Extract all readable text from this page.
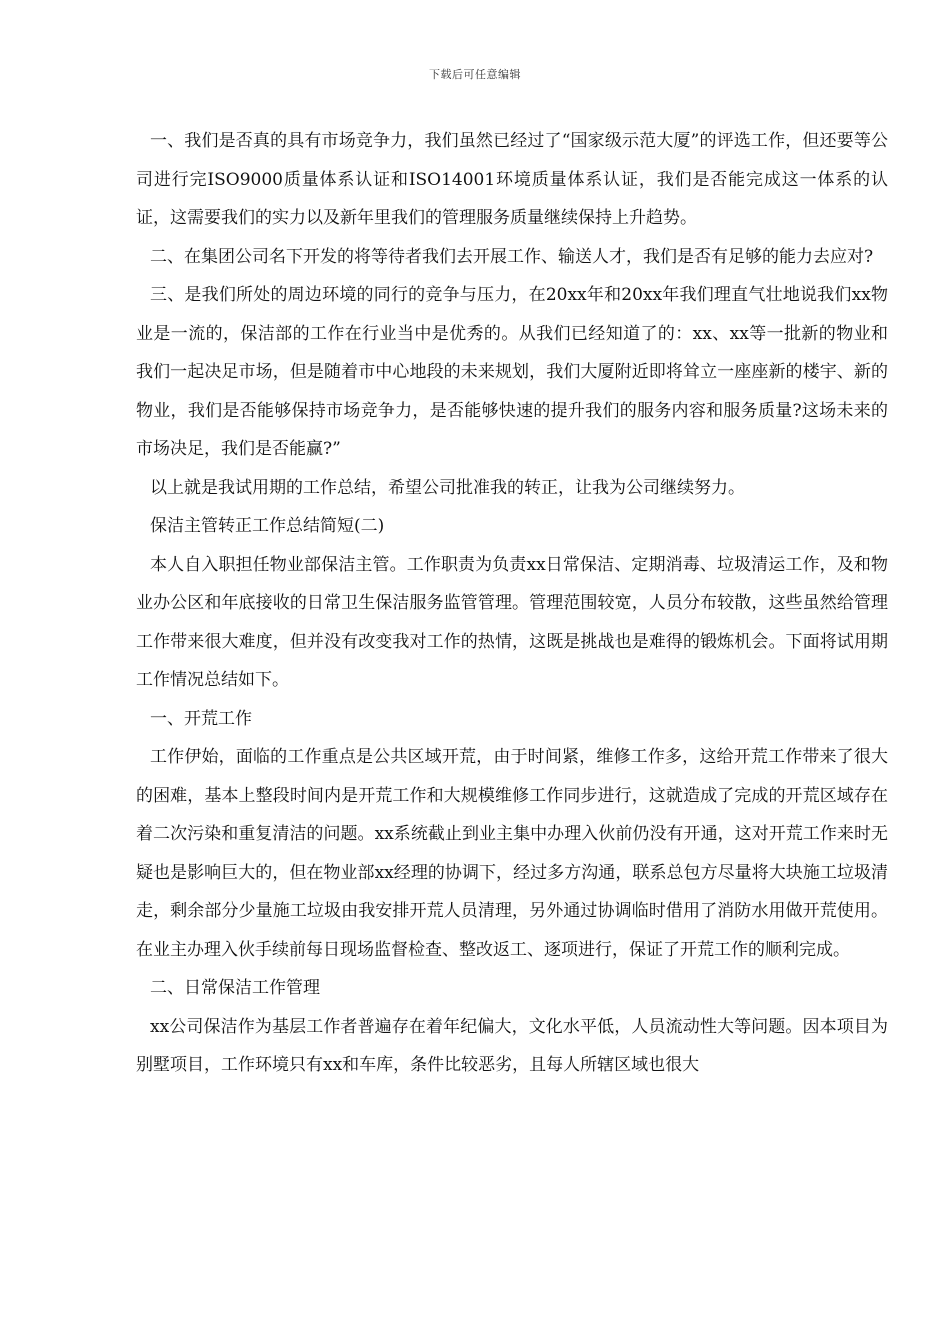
下载后可任意编辑

一、我们是否真的具有市场竞争力，我们虽然已经过了“国家级示范大厦”的评选工作，但还要等公司进行完ISO9000质量体系认证和ISO14001环境质量体系认证，我们是否能完成这一体系的认证，这需要我们的实力以及新年里我们的管理服务质量继续保持上升趋势。

二、在集团公司名下开发的将等待者我们去开展工作、输送人才，我们是否有足够的能力去应对?

三、是我们所处的周边环境的同行的竞争与压力，在20xx年和20xx年我们理直气壮地说我们xx物业是一流的，保洁部的工作在行业当中是优秀的。从我们已经知道了的：xx、xx等一批新的物业和我们一起决足市场，但是随着市中心地段的未来规划，我们大厦附近即将耸立一座座新的楼宇、新的物业，我们是否能够保持市场竞争力，是否能够快速的提升我们的服务内容和服务质量?这场未来的市场决足，我们是否能赢?”

以上就是我试用期的工作总结，希望公司批准我的转正，让我为公司继续努力。

保洁主管转正工作总结简短(二)

本人自入职担任物业部保洁主管。工作职责为负责xx日常保洁、定期消毒、垃圾清运工作，及和物业办公区和年底接收的日常卫生保洁服务监管管理。管理范围较宽，人员分布较散，这些虽然给管理工作带来很大难度，但并没有改变我对工作的热情，这既是挑战也是难得的锻炼机会。下面将试用期工作情况总结如下。

一、开荒工作

工作伊始，面临的工作重点是公共区域开荒，由于时间紧，维修工作多，这给开荒工作带来了很大的困难，基本上整段时间内是开荒工作和大规模维修工作同步进行，这就造成了完成的开荒区域存在着二次污染和重复清洁的问题。xx系统截止到业主集中办理入伙前仍没有开通，这对开荒工作来时无疑也是影响巨大的，但在物业部xx经理的协调下，经过多方沟通，联系总包方尽量将大块施工垃圾清走，剩余部分少量施工垃圾由我安排开荒人员清理，另外通过协调临时借用了消防水用做开荒使用。在业主办理入伙手续前每日现场监督检查、整改返工、逐项进行，保证了开荒工作的顺利完成。

二、日常保洁工作管理

xx公司保洁作为基层工作者普遍存在着年纪偏大，文化水平低，人员流动性大等问题。因本项目为别墅项目，工作环境只有xx和车库，条件比较恶劣，且每人所辖区域也很大
